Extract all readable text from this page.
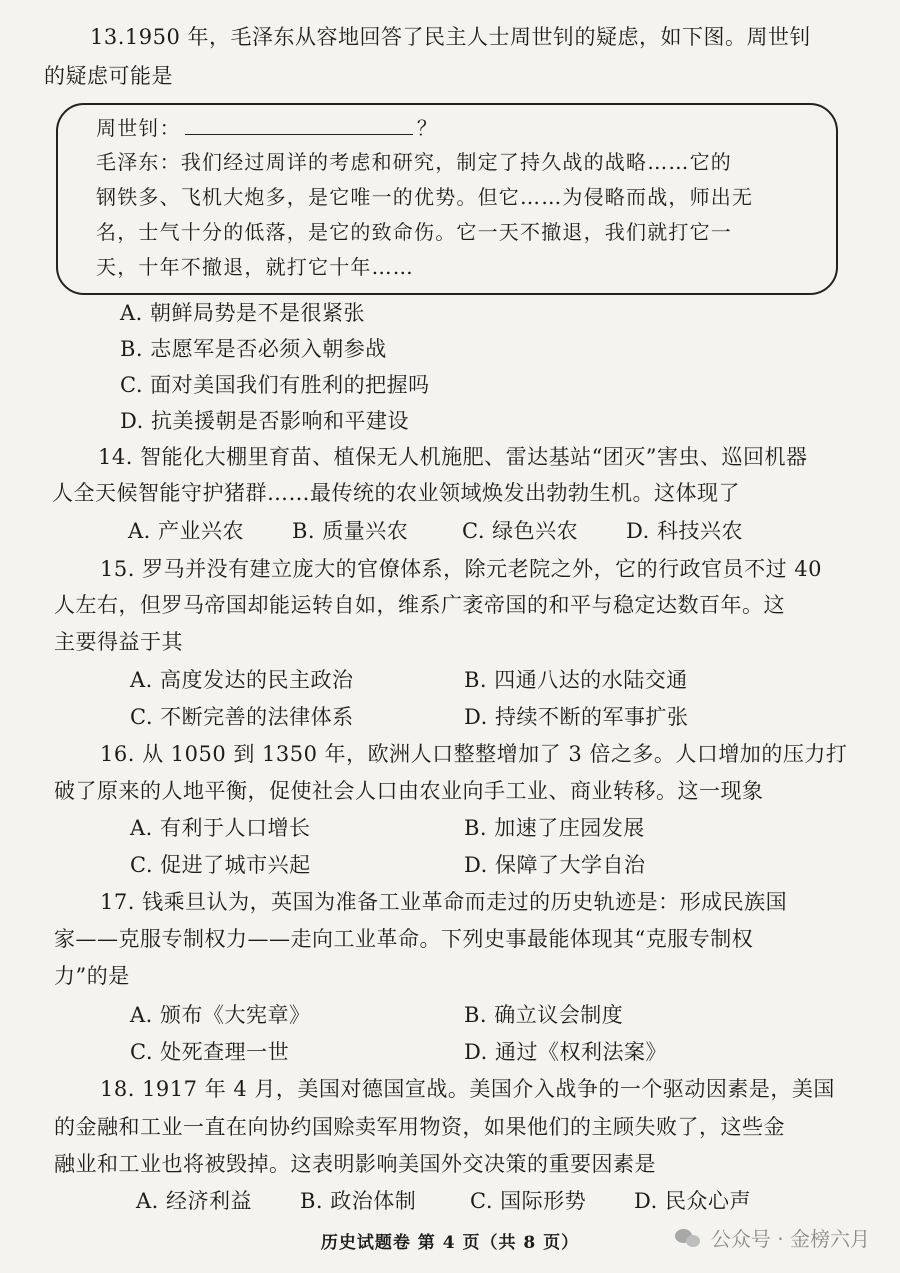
13.1950 年，毛泽东从容地回答了民主人士周世钊的疑虑，如下图。周世钊
的疑虑可能是
周世钊：	？
毛泽东：我们经过周详的考虑和研究，制定了持久战的战略……它的
钢铁多、飞机大炮多，是它唯一的优势。但它……为侵略而战，师出无
名，士气十分的低落，是它的致命伤。它一天不撤退，我们就打它一
天，十年不撤退，就打它十年……
A. 朝鲜局势是不是很紧张
B. 志愿军是否必须入朝参战
C. 面对美国我们有胜利的把握吗
D. 抗美援朝是否影响和平建设
14. 智能化大棚里育苗、植保无人机施肥、雷达基站“团灭”害虫、巡回机器
人全天候智能守护猪群……最传统的农业领域焕发出勃勃生机。这体现了
A. 产业兴农 B. 质量兴农	C. 绿色兴农 D. 科技兴农
15. 罗马并没有建立庞大的官僚体系，除元老院之外，它的行政官员不过 40
人左右，但罗马帝国却能运转自如，维系广袤帝国的和平与稳定达数百年。这
主要得益于其
A. 高度发达的民主政治	B. 四通八达的水陆交通
C. 不断完善的法律体系	D. 持续不断的军事扩张
16. 从 1050 到 1350 年，欧洲人口整整增加了 3 倍之多。人口增加的压力打
破了原来的人地平衡，促使社会人口由农业向手工业、商业转移。这一现象
A. 有利于人口增长	B. 加速了庄园发展
C. 促进了城市兴起	D. 保障了大学自治
17. 钱乘旦认为，英国为准备工业革命而走过的历史轨迹是：形成民族国
家——克服专制权力——走向工业革命。下列史事最能体现其“克服专制权
力”的是
A. 颁布《大宪章》	B. 确立议会制度
C. 处死查理一世	D. 通过《权利法案》
18. 1917 年 4 月，美国对德国宣战。美国介入战争的一个驱动因素是，美国
的金融和工业一直在向协约国赊卖军用物资，如果他们的主顾失败了，这些金
融业和工业也将被毁掉。这表明影响美国外交决策的重要因素是
A. 经济利益 B. 政治体制	C. 国际形势 D. 民众心声
历史试题卷 第 4 页（共 8 页）	公众号 · 金榜六月
